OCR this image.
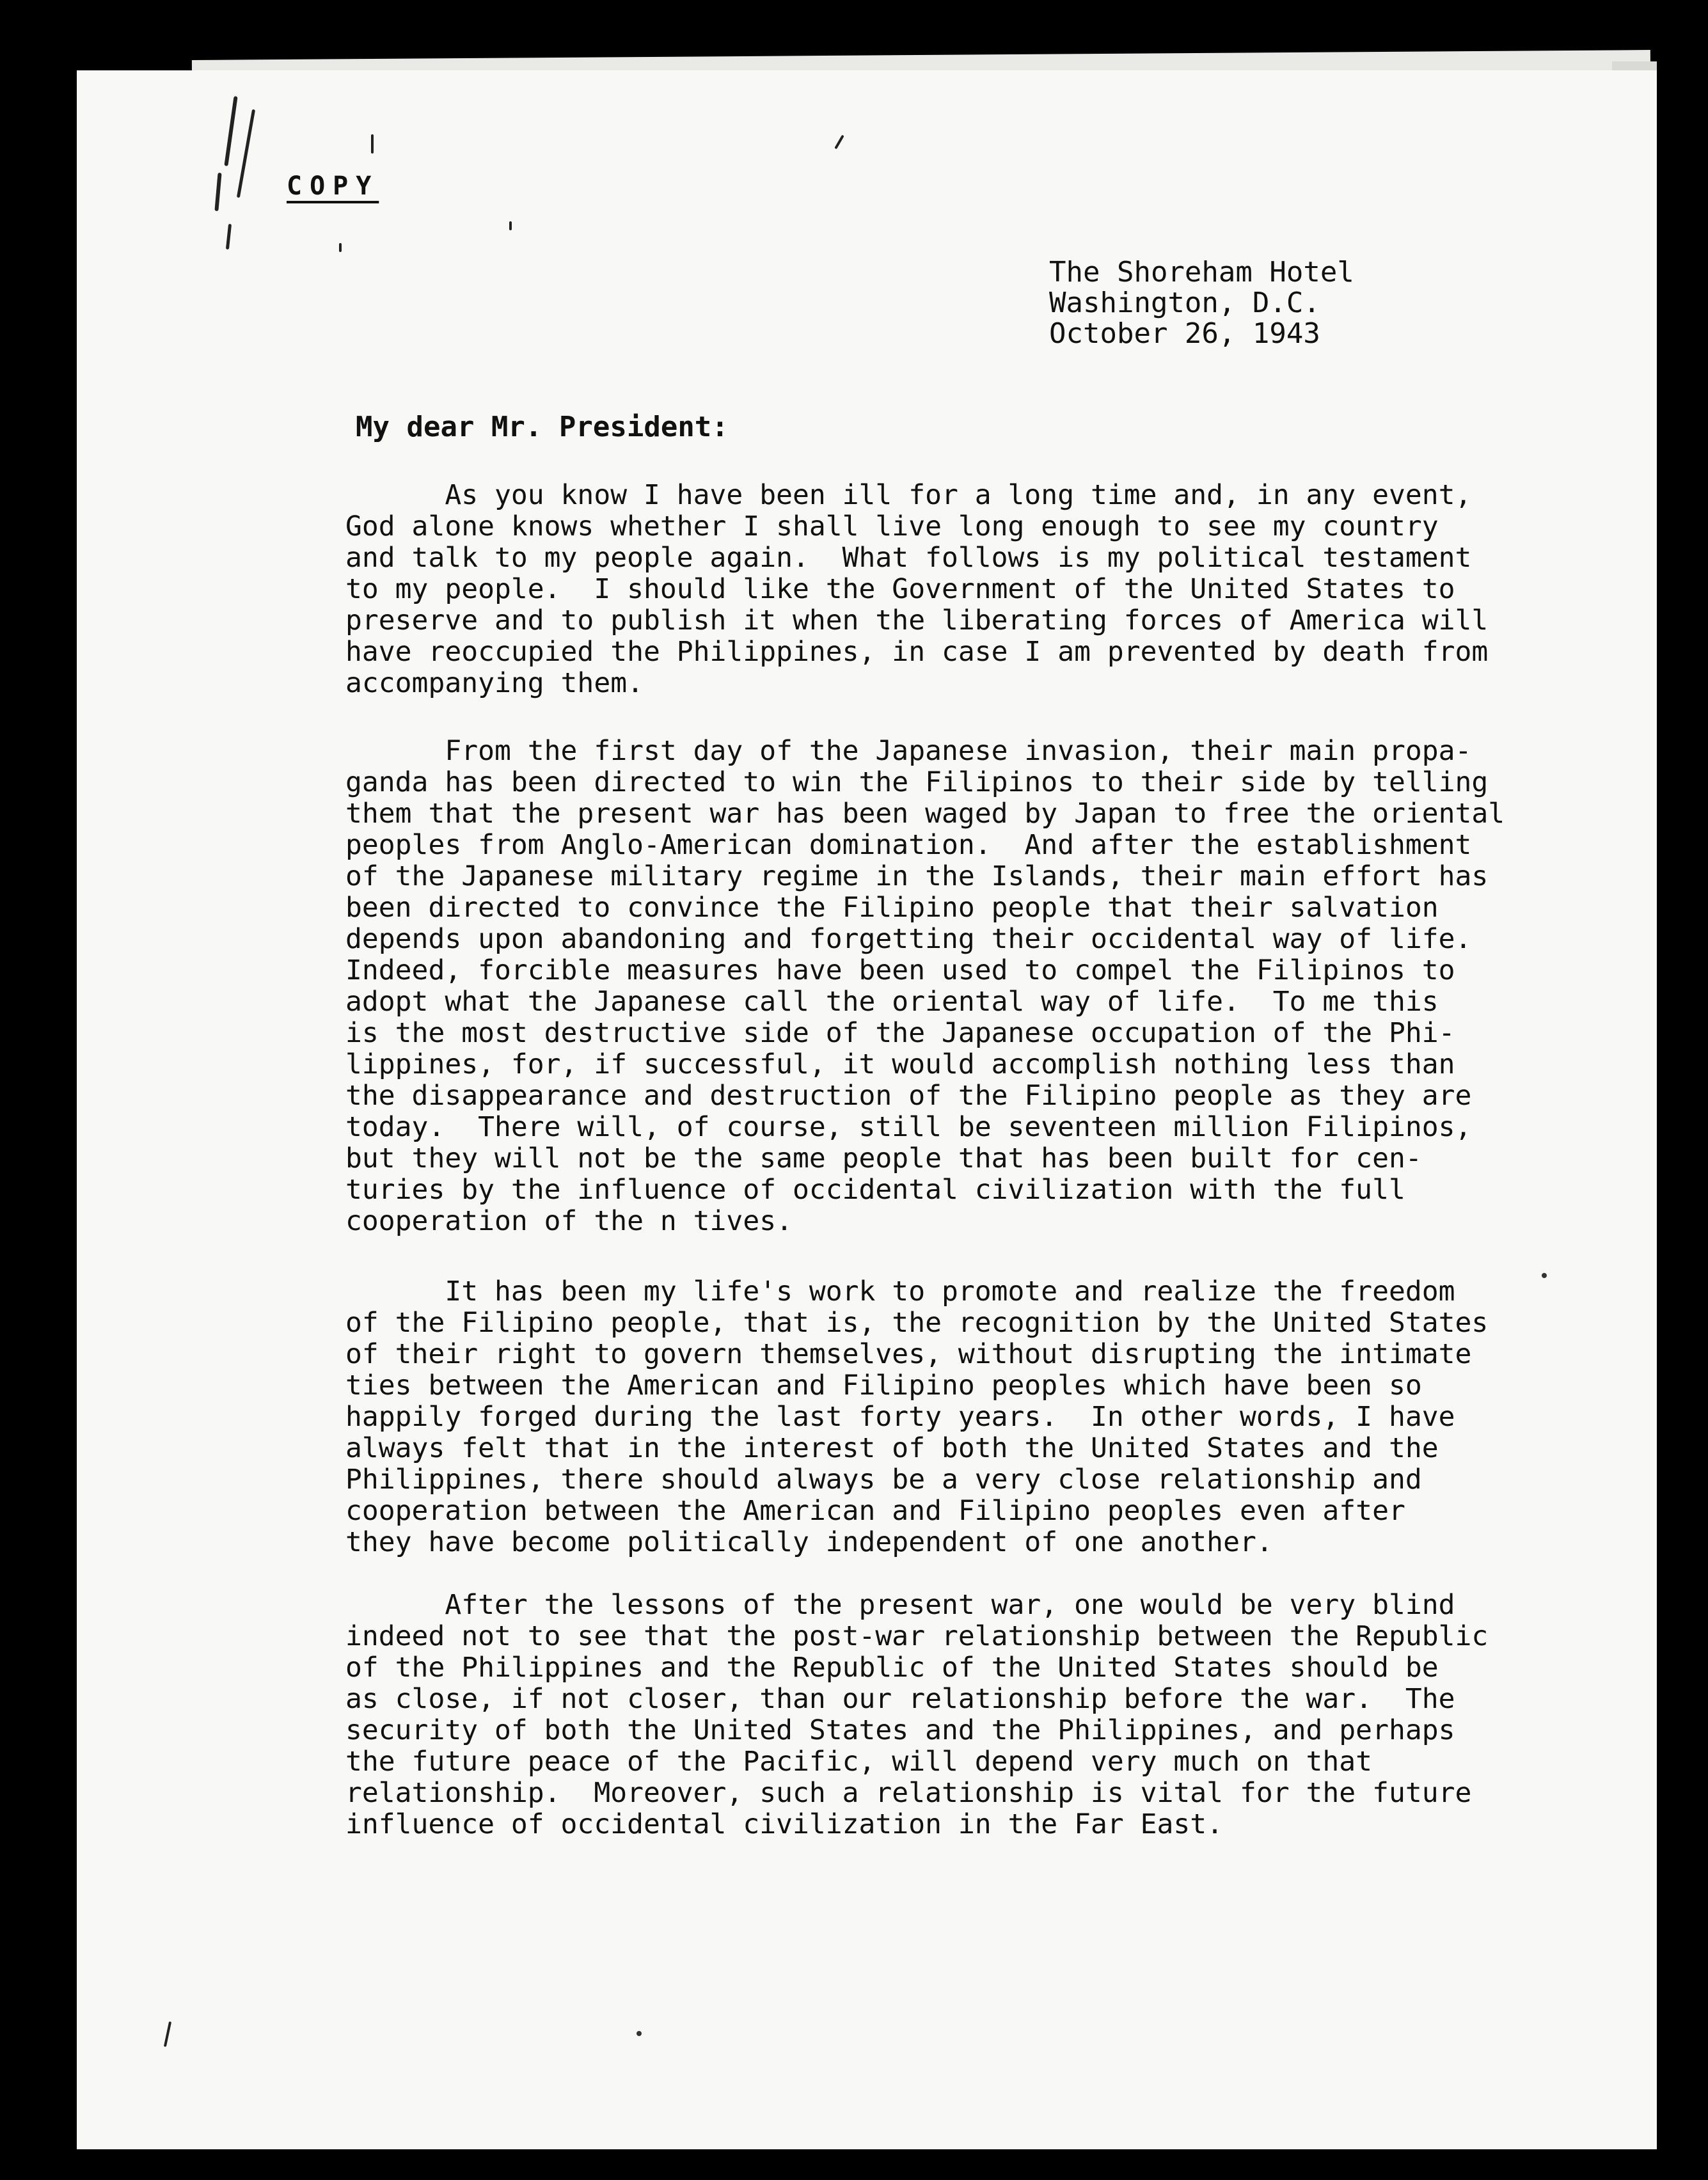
COPY
The Shoreham Hotel
Washington, D.C.
October 26, 1943
My dear Mr. President:
As you know I have been ill for a long time and, in any event,
God alone knows whether I shall live long enough to see my country
and talk to my people again.  What follows is my political testament
to my people.  I should like the Government of the United States to
preserve and to publish it when the liberating forces of America will
have reoccupied the Philippines, in case I am prevented by death from
accompanying them.
From the first day of the Japanese invasion, their main propa-
ganda has been directed to win the Filipinos to their side by telling
them that the present war has been waged by Japan to free the oriental
peoples from Anglo-American domination.  And after the establishment
of the Japanese military regime in the Islands, their main effort has
been directed to convince the Filipino people that their salvation
depends upon abandoning and forgetting their occidental way of life.
Indeed, forcible measures have been used to compel the Filipinos to
adopt what the Japanese call the oriental way of life.  To me this
is the most destructive side of the Japanese occupation of the Phi-
lippines, for, if successful, it would accomplish nothing less than
the disappearance and destruction of the Filipino people as they are
today.  There will, of course, still be seventeen million Filipinos,
but they will not be the same people that has been built for cen-
turies by the influence of occidental civilization with the full
cooperation of the n tives.
It has been my life's work to promote and realize the freedom
of the Filipino people, that is, the recognition by the United States
of their right to govern themselves, without disrupting the intimate
ties between the American and Filipino peoples which have been so
happily forged during the last forty years.  In other words, I have
always felt that in the interest of both the United States and the
Philippines, there should always be a very close relationship and
cooperation between the American and Filipino peoples even after
they have become politically independent of one another.
After the lessons of the present war, one would be very blind
indeed not to see that the post-war relationship between the Republic
of the Philippines and the Republic of the United States should be
as close, if not closer, than our relationship before the war.  The
security of both the United States and the Philippines, and perhaps
the future peace of the Pacific, will depend very much on that
relationship.  Moreover, such a relationship is vital for the future
influence of occidental civilization in the Far East.
